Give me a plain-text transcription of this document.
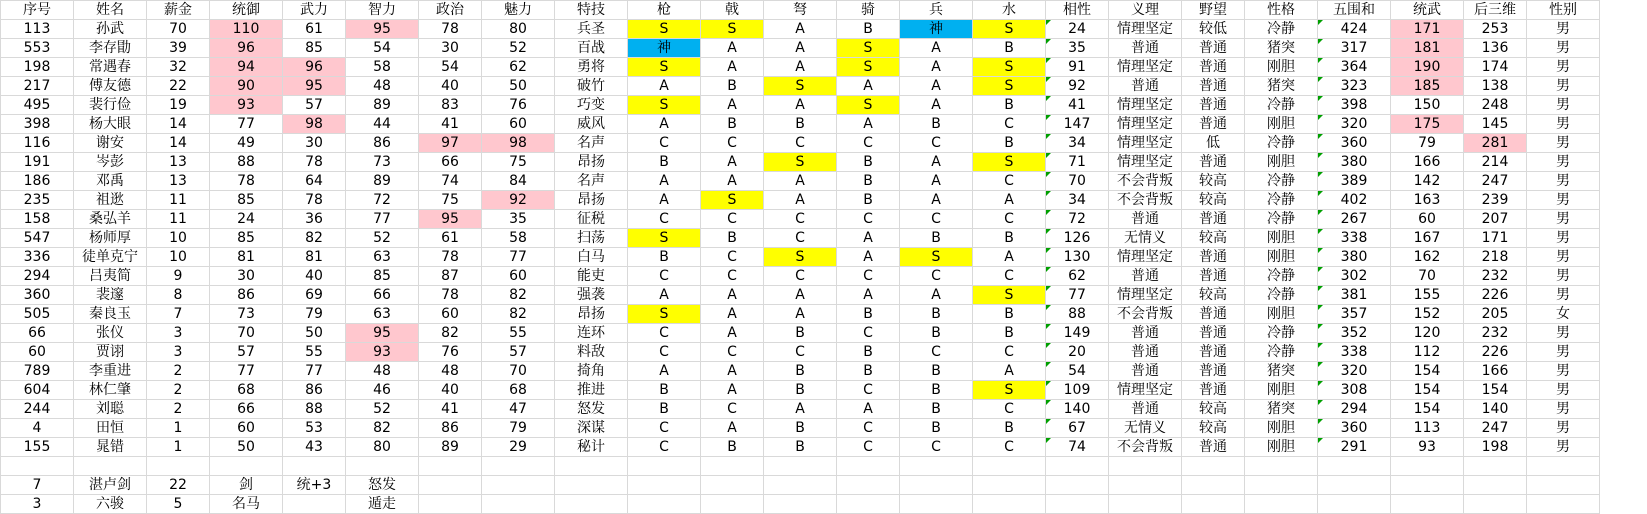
序号	姓名	薪金	统御	武力	智力	政治	魅力	特技	枪	戟	弩	骑	兵	水	相性	义理	野望	性格	五围和	统武	后三维	性别
113	孙武	70	110	61	95	78	80	兵圣	S	S	A	B	神	S	24	情理坚定	较低	冷静	424	171	253	男
553	李存勖	39	96	85	54	30	52	百战	神	A	A	S	A	B	35	普通	普通	猪突	317	181	136	男
198	常遇春	32	94	96	58	54	62	勇将	S	A	A	S	A	S	91	情理坚定	普通	刚胆	364	190	174	男
217	傅友德	22	90	95	48	40	50	破竹	A	B	S	A	A	S	92	普通	普通	猪突	323	185	138	男
495	裴行俭	19	93	57	89	83	76	巧变	S	A	A	S	A	B	41	情理坚定	普通	冷静	398	150	248	男
398	杨大眼	14	77	98	44	41	60	威风	A	B	B	A	B	C	147	情理坚定	普通	刚胆	320	175	145	男
116	谢安	14	49	30	86	97	98	名声	C	C	C	C	C	B	34	情理坚定	低	冷静	360	79	281	男
191	岑彭	13	88	78	73	66	75	昂扬	B	A	S	B	A	S	71	情理坚定	普通	刚胆	380	166	214	男
186	邓禹	13	78	64	89	74	84	名声	A	A	A	B	A	C	70	不会背叛	较高	冷静	389	142	247	男
235	祖逖	11	85	78	72	75	92	昂扬	A	S	A	B	A	A	34	不会背叛	较高	冷静	402	163	239	男
158	桑弘羊	11	24	36	77	95	35	征税	C	C	C	C	C	C	72	普通	普通	冷静	267	60	207	男
547	杨师厚	10	85	82	52	61	58	扫荡	S	B	C	A	B	B	126	无情义	较高	刚胆	338	167	171	男
336	徒单克宁	10	81	81	63	78	77	白马	B	C	S	A	S	A	130	情理坚定	普通	刚胆	380	162	218	男
294	吕夷简	9	30	40	85	87	60	能吏	C	C	C	C	C	C	62	普通	普通	冷静	302	70	232	男
360	裴邃	8	86	69	66	78	82	强袭	A	A	A	A	A	S	77	情理坚定	较高	冷静	381	155	226	男
505	秦良玉	7	73	79	63	60	82	昂扬	S	A	A	B	B	B	88	不会背叛	普通	刚胆	357	152	205	女
66	张仪	3	70	50	95	82	55	连环	C	A	B	C	B	B	149	普通	普通	冷静	352	120	232	男
60	贾诩	3	57	55	93	76	57	料敌	C	C	C	B	C	C	20	普通	普通	冷静	338	112	226	男
789	李重进	2	77	77	48	48	70	掎角	A	A	B	B	B	A	54	普通	普通	猪突	320	154	166	男
604	林仁肇	2	68	86	46	40	68	推进	B	A	B	C	B	S	109	情理坚定	普通	刚胆	308	154	154	男
244	刘聪	2	66	88	52	41	47	怒发	B	C	A	A	B	C	140	普通	较高	猪突	294	154	140	男
4	田恒	1	60	53	82	86	79	深谋	C	A	B	C	B	B	67	无情义	较高	刚胆	360	113	247	男
155	晁错	1	50	43	80	89	29	秘计	C	B	B	C	C	C	74	不会背叛	普通	刚胆	291	93	198	男

7	湛卢剑	22	剑	统+3	怒发																	
3	六骏	5	名马		遁走																	
